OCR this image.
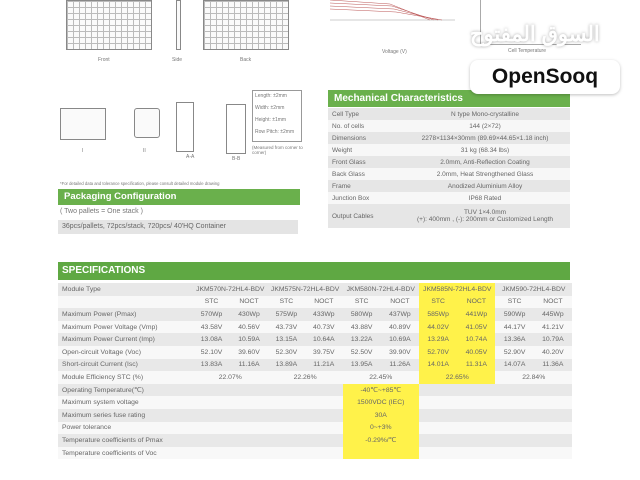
Front	Side	Back
Voltage (V)	Cell Temperature
I	II
A-A	B-B
Length: ±2mm
Width: ±2mm
Height: ±1mm
Row Pitch: ±2mm
(Measured from corner to corner)
*For detailed data and tolerance specification, please consult detailed module drawing
Packaging Configuration
( Two pallets = One stack )
36pcs/pallets, 72pcs/stack, 720pcs/ 40'HQ Container
Mechanical Characteristics
Cell Type	N type Mono-crystalline
No. of cells	144 (2×72)
Dimensions	2278×1134×30mm (89.69×44.65×1.18 inch)
Weight	31 kg (68.34 lbs)
Front Glass	2.0mm, Anti-Reflection Coating
Back Glass	2.0mm, Heat Strengthened Glass
Frame	Anodized Aluminium Alloy
Junction Box	IP68 Rated
Output Cables	TUV 1×4.0mm
(+): 400mm , (-): 200mm or Customized Length
SPECIFICATIONS
Module Type	JKM570N-72HL4-BDV		JKM575N-72HL4-BDV		JKM580N-72HL4-BDV		JKM585N-72HL4-BDV		JKM590-72HL4-BDV	
	STC	NOCT	STC	NOCT	STC	NOCT	STC	NOCT	STC	NOCT
Maximum Power (Pmax)	570Wp	430Wp	575Wp	433Wp	580Wp	437Wp	585Wp	441Wp	590Wp	445Wp
Maximum Power Voltage (Vmp)	43.58V	40.56V	43.73V	40.73V	43.88V	40.89V	44.02V	41.05V	44.17V	41.21V
Maximum Power Current (Imp)	13.08A	10.59A	13.15A	10.64A	13.22A	10.69A	13.29A	10.74A	13.36A	10.79A
Open-circuit Voltage (Voc)	52.10V	39.60V	52.30V	39.75V	52.50V	39.90V	52.70V	40.05V	52.90V	40.20V
Short-circuit Current (Isc)	13.83A	11.16A	13.89A	11.21A	13.95A	11.26A	14.01A	11.31A	14.07A	11.36A
Module Efficiency STC (%)	22.07%		22.26%		22.45%		22.65%		22.84%	
Operating Temperature(℃)					-40℃~+85℃					
Maximum system voltage					1500VDC (IEC)					
Maximum series fuse rating					30A					
Power tolerance					0~+3%					
Temperature coefficients of Pmax					-0.29%/℃					
Temperature coefficients of Voc										
السوق المفتوح
OpenSooq
